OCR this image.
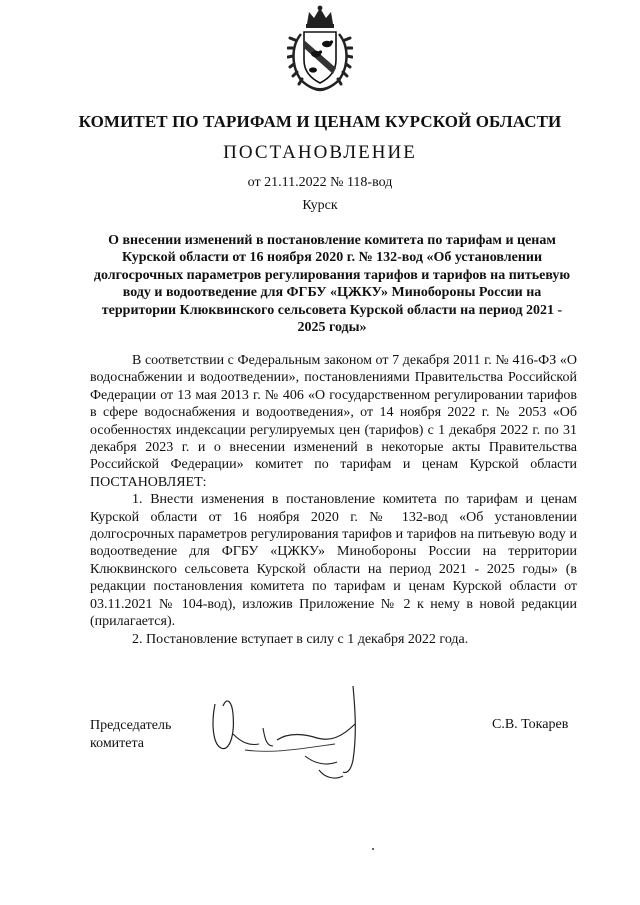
КОМИТЕТ ПО ТАРИФАМ И ЦЕНАМ КУРСКОЙ ОБЛАСТИ
ПОСТАНОВЛЕНИЕ
от 21.11.2022 № 118-вод
Курск
О внесении изменений в постановление комитета по тарифам и ценам Курской области от 16 ноября 2020 г. № 132-вод «Об установлении долгосрочных параметров регулирования тарифов и тарифов на питьевую воду и водоотведение для ФГБУ «ЦЖКУ» Минобороны России на территории Клюквинского сельсовета Курской области на период 2021 - 2025 годы»

В соответствии с Федеральным законом от 7 декабря 2011 г. № 416-ФЗ «О водоснабжении и водоотведении», постановлениями Правительства Российской Федерации от 13 мая 2013 г. № 406 «О государственном регулировании тарифов в сфере водоснабжения и водоотведения», от 14 ноября 2022 г. № 2053 «Об особенностях индексации регулируемых цен (тарифов) с 1 декабря 2022 г. по 31 декабря 2023 г. и о внесении изменений в некоторые акты Правительства Российской Федерации» комитет по тарифам и ценам Курской области ПОСТАНОВЛЯЕТ:

1. Внести изменения в постановление комитета по тарифам и ценам Курской области от 16 ноября 2020 г. № 132-вод «Об установлении долгосрочных параметров регулирования тарифов и тарифов на питьевую воду и водоотведение для ФГБУ «ЦЖКУ» Минобороны России на территории Клюквинского сельсовета Курской области на период 2021 - 2025 годы» (в редакции постановления комитета по тарифам и ценам Курской области от 03.11.2021 № 104-вод), изложив Приложение № 2 к нему в новой редакции (прилагается).

2. Постановление вступает в силу с 1 декабря 2022 года.

Председатель
комитета
С.В. Токарев
